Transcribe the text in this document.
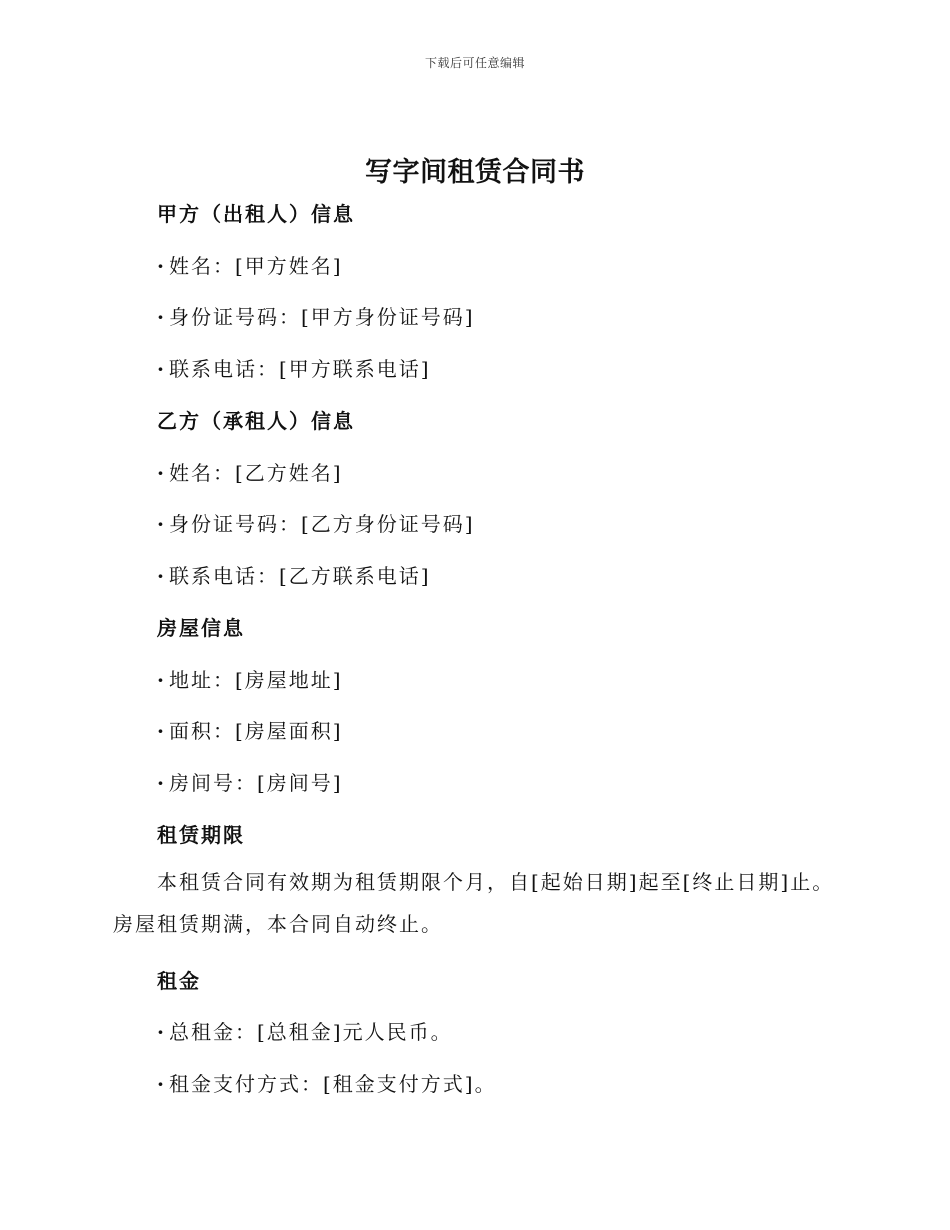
下载后可任意编辑
写字间租赁合同书
甲方（出租人）信息
· 姓名：[甲方姓名]
· 身份证号码：[甲方身份证号码]
· 联系电话：[甲方联系电话]
乙方（承租人）信息
· 姓名：[乙方姓名]
· 身份证号码：[乙方身份证号码]
· 联系电话：[乙方联系电话]
房屋信息
· 地址：[房屋地址]
· 面积：[房屋面积]
· 房间号：[房间号]
租赁期限

本租赁合同有效期为租赁期限个月，自[起始日期]起至[终止日期]止。房屋租赁期满，本合同自动终止。

租金
· 总租金：[总租金]元人民币。
· 租金支付方式：[租金支付方式]。
